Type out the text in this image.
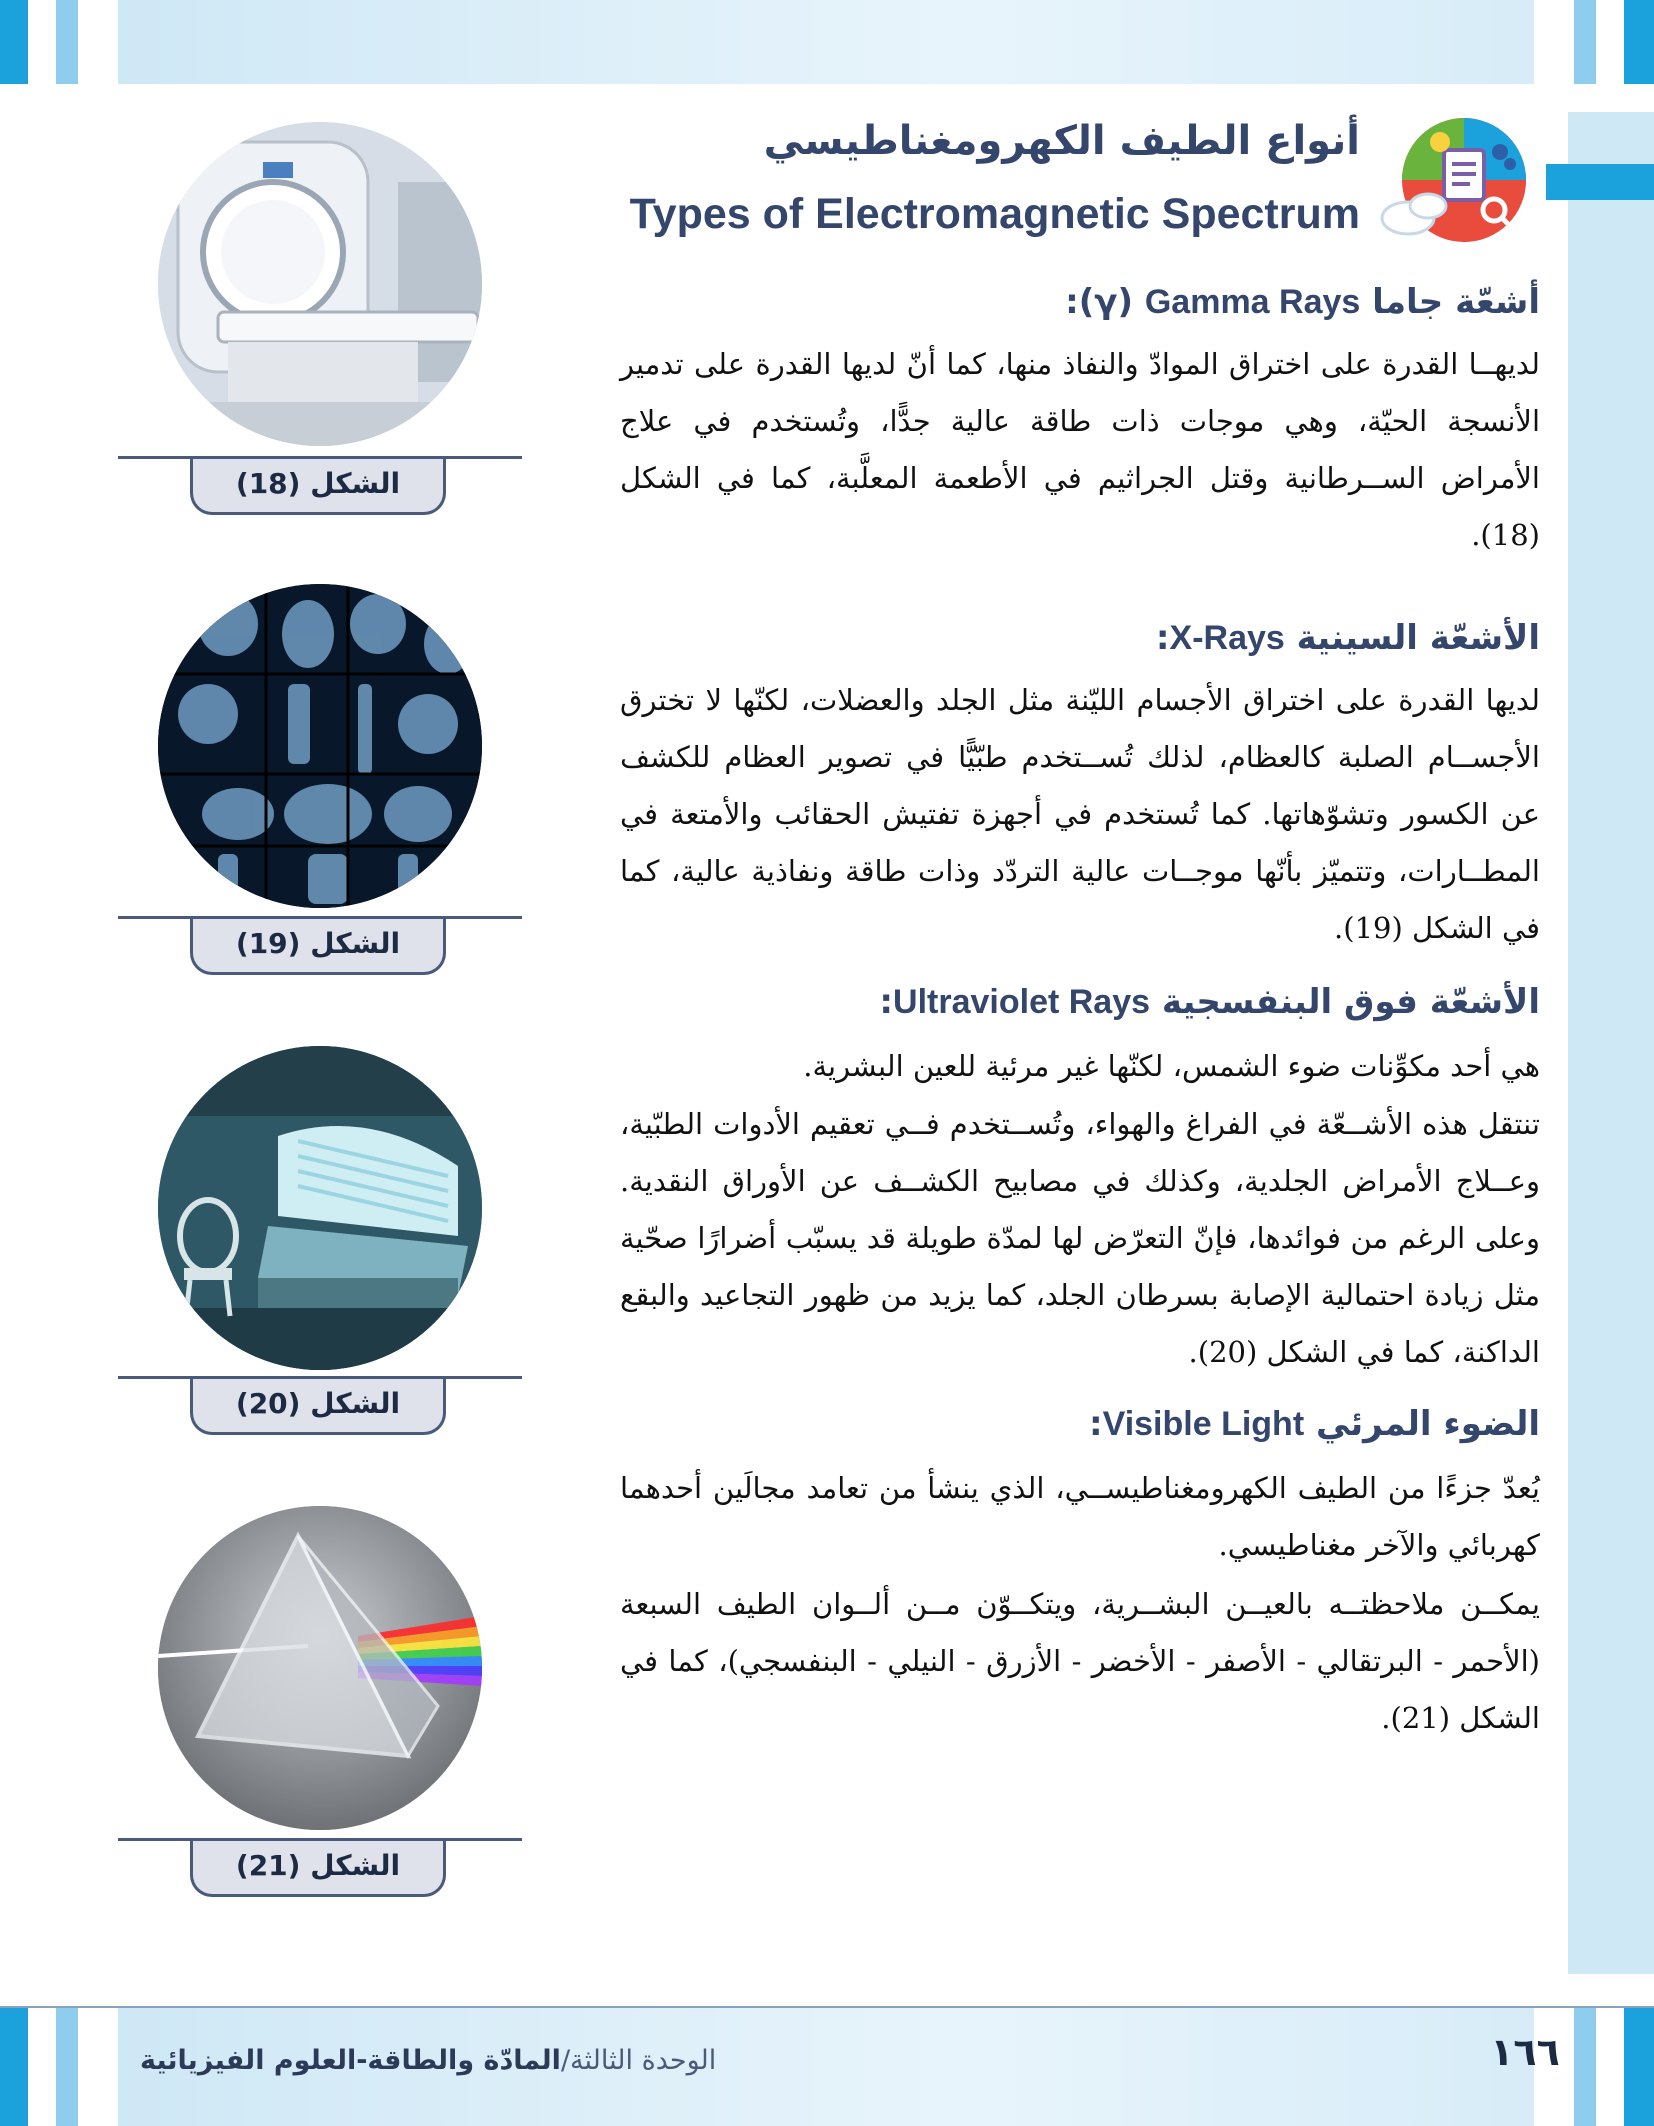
أنواع الطيف الكهرومغناطيسي
Types of Electromagnetic Spectrum
أشعّة جاما Gamma Rays (γ):
لديهــا القدرة على اختراق الموادّ والنفاذ منها، كما أنّ لديها القدرة على تدمير الأنسجة الحيّة، وهي موجات ذات طاقة عالية جدًّا، وتُستخدم في علاج الأمراض الســرطانية وقتل الجراثيم في الأطعمة المعلَّبة، كما في الشكل (18).
الأشعّة السينية X-Rays:
لديها القدرة على اختراق الأجسام الليّنة مثل الجلد والعضلات، لكنّها لا تخترق الأجســام الصلبة كالعظام، لذلك تُســتخدم طبّيًّا في تصوير العظام للكشف عن الكسور وتشوّهاتها. كما تُستخدم في أجهزة تفتيش الحقائب والأمتعة في المطــارات، وتتميّز بأنّها موجــات عالية التردّد وذات طاقة ونفاذية عالية، كما في الشكل (19).
الأشعّة فوق البنفسجية Ultraviolet Rays:
هي أحد مكوِّنات ضوء الشمس، لكنّها غير مرئية للعين البشرية.
تنتقل هذه الأشــعّة في الفراغ والهواء، وتُســتخدم فــي تعقيم الأدوات الطبّية، وعــلاج الأمراض الجلدية، وكذلك في مصابيح الكشــف عن الأوراق النقدية. وعلى الرغم من فوائدها، فإنّ التعرّض لها لمدّة طويلة قد يسبّب أضرارًا صحّية مثل زيادة احتمالية الإصابة بسرطان الجلد، كما يزيد من ظهور التجاعيد والبقع الداكنة، كما في الشكل (20).
الضوء المرئي Visible Light:
يُعدّ جزءًا من الطيف الكهرومغناطيســي، الذي ينشأ من تعامد مجالَين أحدهما كهربائي والآخر مغناطيسي.
يمكــن ملاحظتــه بالعيــن البشــرية، ويتكــوّن مــن ألــوان الطيف السبعة (الأحمر - البرتقالي - الأصفر - الأخضر - الأزرق - النيلي - البنفسجي)، كما في الشكل (21).
الشكل (18)
الشكل (19)
الشكل (20)
الشكل (21)
الوحدة الثالثة/المادّة والطاقة-العلوم الفيزيائية	١٦٦
